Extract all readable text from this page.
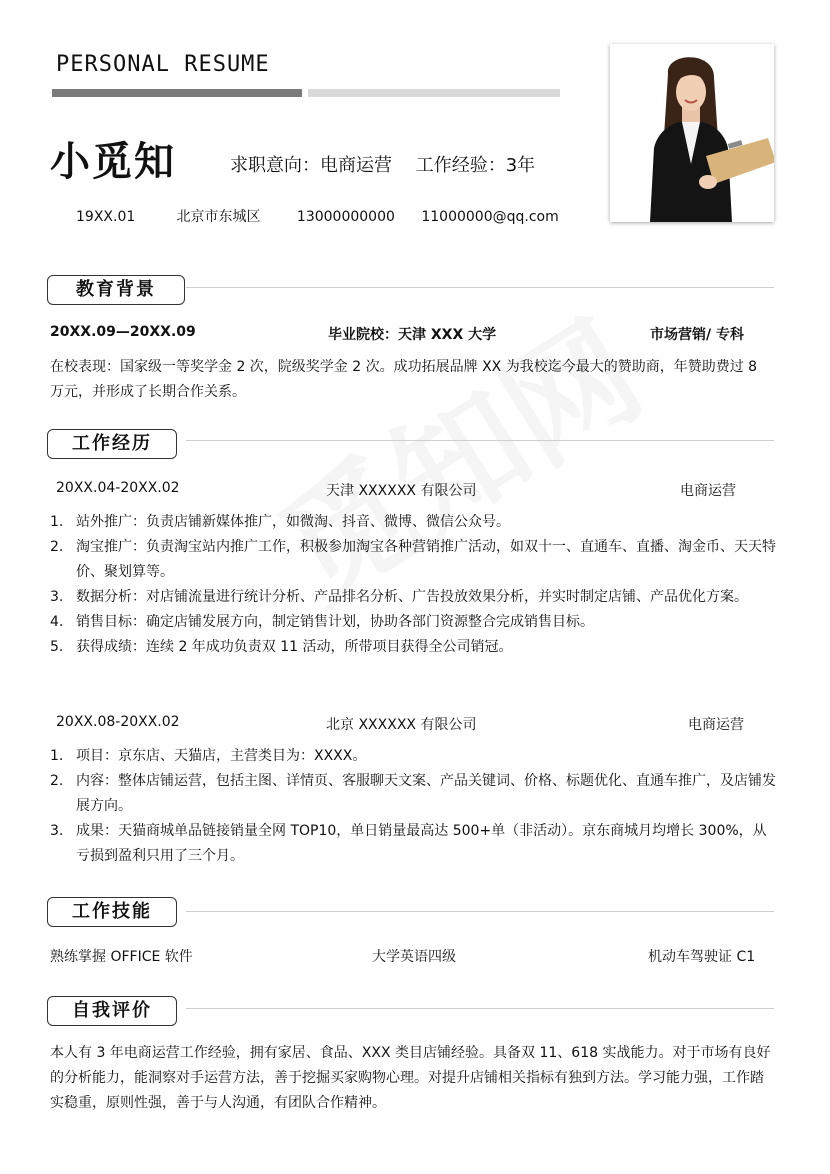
PERSONAL RESUME
小觅知	求职意向：电商运营 工作经验：3年
19XX.01	北京市东城区	13000000000 11000000@qq.com
教育背景
20XX.09—20XX.09	毕业院校：天津 XXX 大学	市场营销/ 专科
在校表现：国家级一等奖学金 2 次，院级奖学金 2 次。成功拓展品牌 XX 为我校迄今最大的赞助商，年赞助费过 8 万元，并形成了长期合作关系。
工作经历
20XX.04-20XX.02	天津 XXXXXX 有限公司	电商运营
1. 站外推广：负责店铺新媒体推广，如微淘、抖音、微博、微信公众号。
2. 淘宝推广：负责淘宝站内推广工作，积极参加淘宝各种营销推广活动，如双十一、直通车、直播、淘金币、天天特价、聚划算等。
3. 数据分析：对店铺流量进行统计分析、产品排名分析、广告投放效果分析，并实时制定店铺、产品优化方案。
4. 销售目标：确定店铺发展方向，制定销售计划，协助各部门资源整合完成销售目标。
5. 获得成绩：连续 2 年成功负责双 11 活动，所带项目获得全公司销冠。
20XX.08-20XX.02	北京 XXXXXX 有限公司	电商运营
1. 项目：京东店、天猫店，主营类目为：XXXX。
2. 内容：整体店铺运营，包括主图、详情页、客服聊天文案、产品关键词、价格、标题优化、直通车推广，及店铺发展方向。
3. 成果：天猫商城单品链接销量全网 TOP10，单日销量最高达 500+单（非活动）。京东商城月均增长 300%，从亏损到盈利只用了三个月。
工作技能
熟练掌握 OFFICE 软件	大学英语四级	机动车驾驶证 C1
自我评价
本人有 3 年电商运营工作经验，拥有家居、食品、XXX 类目店铺经验。具备双 11、618 实战能力。对于市场有良好的分析能力，能洞察对手运营方法，善于挖掘买家购物心理。对提升店铺相关指标有独到方法。学习能力强，工作踏实稳重，原则性强，善于与人沟通，有团队合作精神。
